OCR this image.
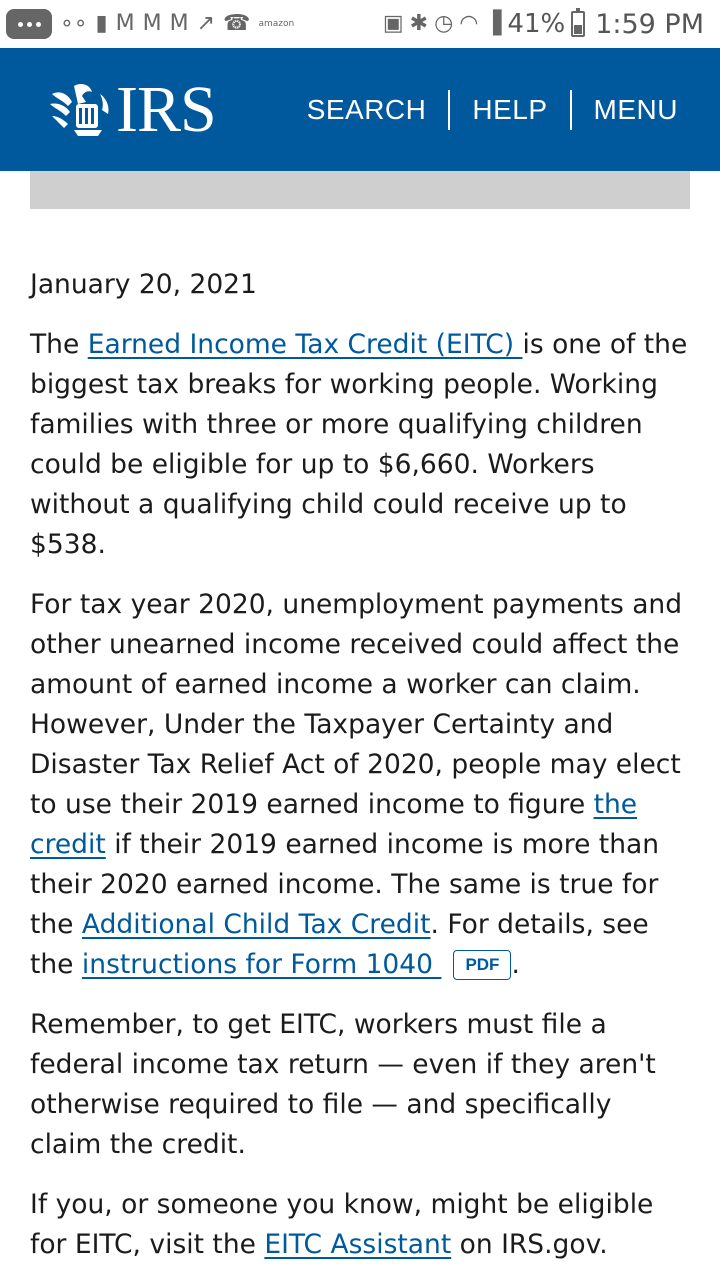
∘∘ ▮ M M M ↗ ☎ amazon	▣ ✱ ◷ ◠ ▐ 41% 1:59 PM
IRS	SEARCH	HELP	MENU

January 20, 2021

The Earned Income Tax Credit (EITC) is one of the biggest tax breaks for working people. Working families with three or more qualifying children could be eligible for up to $6,660. Workers without a qualifying child could receive up to $538.

For tax year 2020, unemployment payments and other unearned income received could affect the amount of earned income a worker can claim. However, Under the Taxpayer Certainty and Disaster Tax Relief Act of 2020, people may elect to use their 2019 earned income to figure the credit if their 2019 earned income is more than their 2020 earned income. The same is true for the Additional Child Tax Credit. For details, see the instructions for Form 1040 PDF .

Remember, to get EITC, workers must file a federal income tax return — even if they aren't otherwise required to file — and specifically claim the credit.

If you, or someone you know, might be eligible for EITC, visit the EITC Assistant on IRS.gov.
